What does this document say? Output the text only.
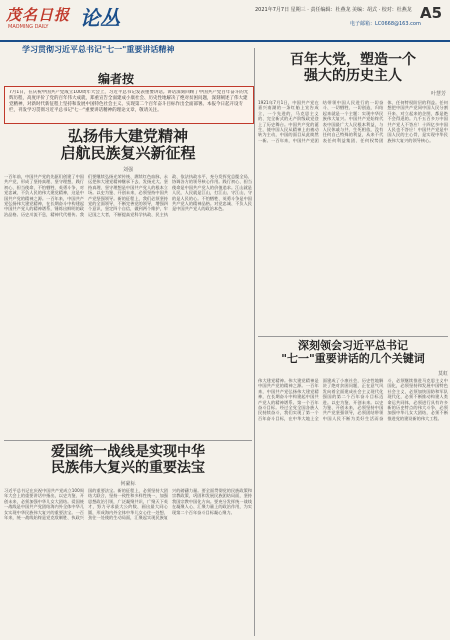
茂名日报
MAOMING DAILY 论丛	2021年7月7日 星期三 · 责任编辑：杜燕龙 美编：胡式 · 校对：杜燕龙
电子邮箱：LC0668@163.com
A5
学习贯彻习近平总书记"七一"重要讲话精神
编者按
7月1日，在庆祝中国共产党成立100周年大会上，习近平总书记发表重要讲话。讲话深刻回顾了中国共产党百年奋斗的光辉历程，高度评价了党的百年伟大成就，郑重宣告全面建成小康社会、历史性地解决了绝对贫困问题，深刻阐述了伟大建党精神，对新时代新征程上坚持和发展中国特色社会主义、实现第二个百年奋斗目标作出全面部署。本报今日起开设专栏，刊发学习贯彻习近平总书记"七一"重要讲话精神的理论文章，敬请关注。
弘扬伟大建党精神
启航民族复兴新征程
刘强
一百年前，中国共产党的先驱们创建了中国共产党，形成了坚持真理、坚守理想，践行初心、担当使命，不怕牺牲、英勇斗争，对党忠诚、不负人民的伟大建党精神，这是中国共产党的精神之源。一百年来，中国共产党弘扬伟大建党精神，在长期奋斗中构建起中国共产党人的精神谱系，锤炼出鲜明的政治品格。历史川流不息，精神代代相传。我们要继续弘扬光荣传统、赓续红色血脉，永远把伟大建党精神继承下去、发扬光大。坚持真理、坚守理想是中国共产党人的根本立场。以史为鉴、开创未来，必须坚持中国共产党坚强领导。新的征程上，我们必须坚持党的全面领导，不断完善党的领导，增强四个意识，坚定四个自信，做到两个维护，牢记国之大者，不断提高党科学执政、民主执政、依法执政水平，充分发挥党总揽全局、协调各方的领导核心作用。践行初心、担当使命是中国共产党人的价值追求。江山就是人民，人民就是江山，打江山、守江山，守的是人民的心。不怕牺牲、英勇斗争是中国共产党人的精神品格。对党忠诚、不负人民是中国共产党人的政治本色。
百年大党，塑造一个
强大的历史主人
叶慧芳
1921年7月1日，中国共产党在嘉兴南湖的一条红船上宣告成立，一个先进的、马克思主义的、完全新式的无产阶级政党登上了历史舞台。中国共产党的诞生，使中国人民从精神上由被动转为主动，中国的面目从此焕然一新。一百年来，中国共产党团结带领中国人民进行的一切奋斗、一切牺牲、一切创造，归结起来就是一个主题：实现中华民族伟大复兴。中国共产党始终代表中国最广大人民根本利益，与人民休戚与共、生死相依，没有任何自己特殊的利益，从来不代表任何利益集团、任何权势团体、任何特权阶层的利益。任何想把中国共产党同中国人民分割开来、对立起来的企图，都是绝不会得逞的。九千五百多万中国共产党人不答应！十四亿多中国人民也不答应！中国共产党是中国人民的主心骨，是实现中华民族伟大复兴的领导核心。
深刻领会习近平总书记
"七一"重要讲话的几个关键词
莫虹
伟大建党精神。伟大建党精神是中国共产党的精神之源。一百年来，中国共产党弘扬伟大建党精神，在长期奋斗中构建起中国共产党人的精神谱系。第一个百年奋斗目标。经过全党全国各族人民持续奋斗，我们实现了第一个百年奋斗目标，在中华大地上全面建成了小康社会，历史性地解决了绝对贫困问题，正在意气风发向着全面建成社会主义现代化强国的第二个百年奋斗目标迈进。以史为鉴、开创未来。以史为鉴、开创未来，必须坚持中国共产党坚强领导，必须团结带领中国人民不断为美好生活而奋斗，必须继续推进马克思主义中国化，必须坚持和发展中国特色社会主义，必须加快国防和军队现代化，必须不断推动构建人类命运共同体，必须进行具有许多新的历史特点的伟大斗争，必须加强中华儿女大团结，必须不断推进党的建设新的伟大工程。
爱国统一战线是实现中华
民族伟大复兴的重要法宝
何豪标
习近平总书记在庆祝中国共产党成立100周年大会上的重要讲话中指出，以史为鉴、开创未来，必须加强中华儿女大团结。爱国统一战线是中国共产党团结海内外全体中华儿女实现中华民族伟大复兴的重要法宝。一百年来，统一战线始终是党克敌制胜、执政兴国的重要法宝。新的征程上，必须坚持大团结大联合，坚持一致性和多样性统一，加强思想政治引领，广泛凝聚共识，广聚天下英才，努力寻求最大公约数、画出最大同心圆，形成海内外全体中华儿女心往一处想、劲往一处使的生动局面，汇聚起实现民族复兴的磅礴力量。要全面贯彻党的民族政策和宗教政策，巩固和发展民族团结局面，坚持我国宗教中国化方向。要充分发挥统一战线在凝聚人心、汇聚力量上的政治作用，为实现第二个百年奋斗目标凝心聚力。
